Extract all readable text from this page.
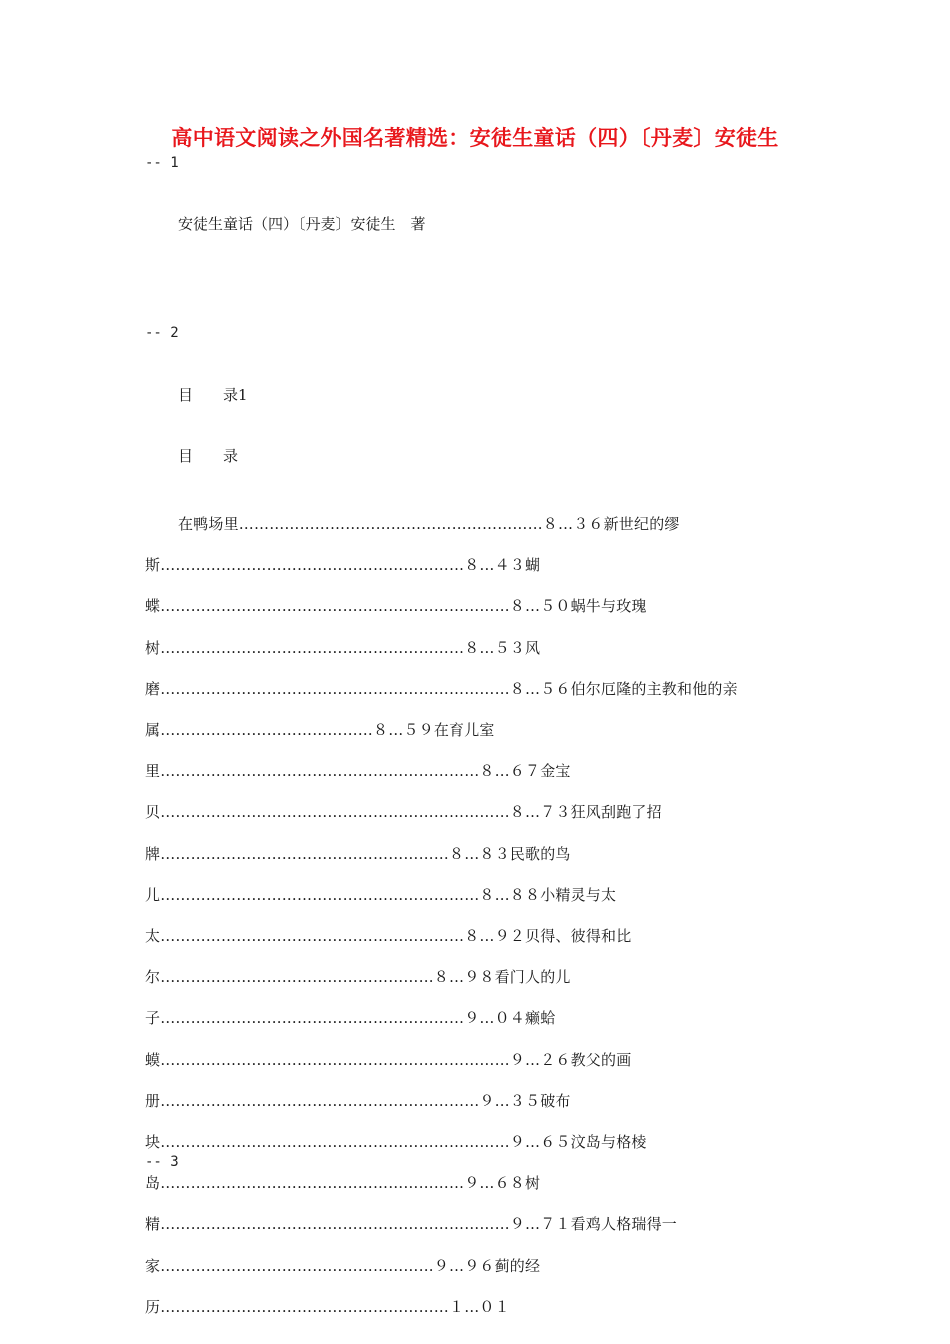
高中语文阅读之外国名著精选：安徒生童话（四）〔丹麦〕安徒生
-- 1
安徒生童话（四）〔丹麦〕安徒生　著
-- 2
目　　录1
目　　录
在鸭场里……………………………………………………８…３６新世纪的缪斯……………………………………………………８…４３蝴　蝶……………………………………………………………８…５０蜗牛与玫瑰树……………………………………………………８…５３风　磨……………………………………………………………８…５６伯尔厄隆的主教和他的亲属……………………………………８…５９在育儿室里………………………………………………………８…６７金宝贝……………………………………………………………８…７３狂风刮跑了招牌…………………………………………………８…８３民歌的鸟儿………………………………………………………８…８８小精灵与太太……………………………………………………８…９２贝得、彼得和比尔………………………………………………８…９８看门人的儿子……………………………………………………９…０４癞蛤蟆……………………………………………………………９…２６教父的画册………………………………………………………９…３５破布块……………………………………………………………９…６５汶岛与格棱岛……………………………………………………９…６８树　精……………………………………………………………９…７１看鸡人格瑞得一家………………………………………………９…９６蓟的经历…………………………………………………１…０１
-- 3
